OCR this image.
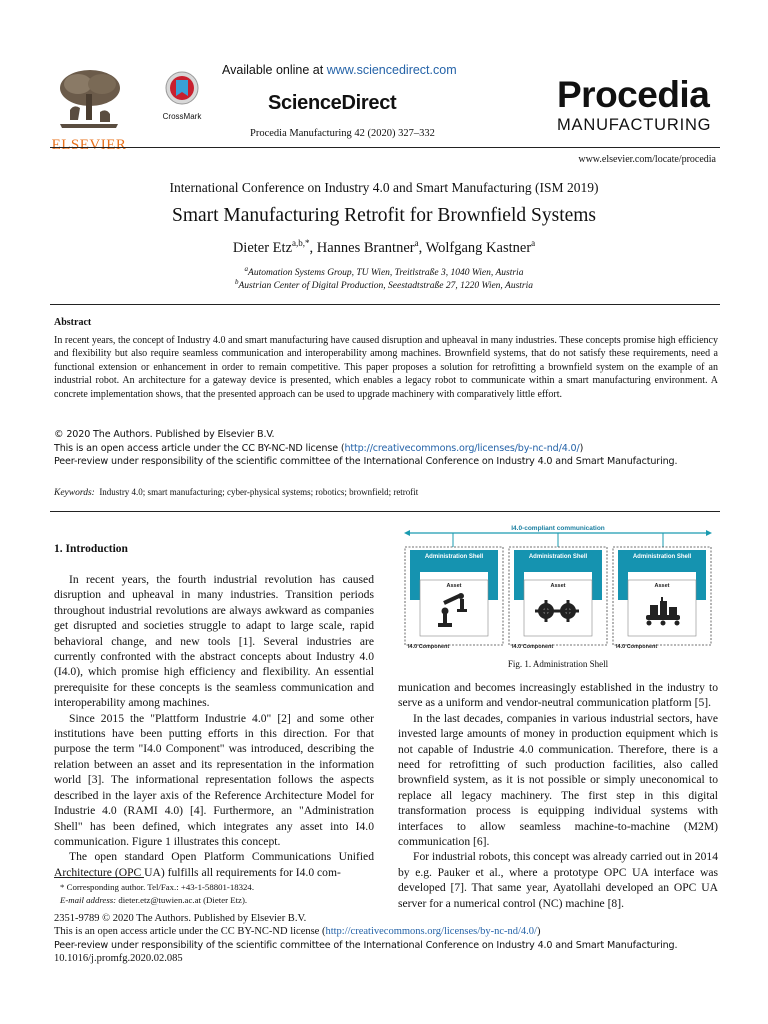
ELSEVIER
CrossMark
Available online at www.sciencedirect.com
ScienceDirect
Procedia Manufacturing 42 (2020) 327–332
Procedia
MANUFACTURING
www.elsevier.com/locate/procedia
International Conference on Industry 4.0 and Smart Manufacturing (ISM 2019)
Smart Manufacturing Retrofit for Brownfield Systems
Dieter Etz$^{a,b,*}$, Hannes Brantner$^a$, Wolfgang Kastner$^a$
$^a$Automation Systems Group, TU Wien, Treitlstraße 3, 1040 Wien, Austria
$^b$Austrian Center of Digital Production, Seestadtstraße 27, 1220 Wien, Austria
Abstract
In recent years, the concept of Industry 4.0 and smart manufacturing have caused disruption and upheaval in many industries. These concepts promise high efficiency and flexibility but also require seamless communication and interoperability among machines. Brownfield systems, that do not satisfy these requirements, need a functional extension or enhancement in order to remain competitive. This paper proposes a solution for retrofitting a brownfield system on the example of an industrial robot. An architecture for a gateway device is presented, which enables a legacy robot to communicate within a smart manufacturing environment. A concrete implementation shows, that the presented approach can be used to upgrade machinery with comparatively little effort.
© 2020 The Authors. Published by Elsevier B.V.
This is an open access article under the CC BY-NC-ND license (http://creativecommons.org/licenses/by-nc-nd/4.0/)
Peer-review under responsibility of the scientific committee of the International Conference on Industry 4.0 and Smart Manufacturing.
Keywords: Industry 4.0; smart manufacturing; cyber-physical systems; robotics; brownfield; retrofit
1. Introduction

In recent years, the fourth industrial revolution has caused disruption and upheaval in many industries. Transition periods throughout industrial revolutions are always awkward as companies get disrupted and societies struggle to adapt to large scale, rapid behavioral change, and new tools [1]. Several industries are currently confronted with the abstract concepts about Industry 4.0 (I4.0), which promise high efficiency and flexibility. An essential prerequisite for these concepts is the seamless communication and interoperability among machines.

Since 2015 the "Plattform Industrie 4.0" [2] and some other institutions have been putting efforts in this direction. For that purpose the term "I4.0 Component" was introduced, describing the relation between an asset and its representation in the information world [3]. The informational representation follows the aspects described in the layer axis of the Reference Architecture Model for Industrie 4.0 (RAMI 4.0) [4]. Furthermore, an "Administration Shell" has been defined, which integrates any asset into I4.0 communication. Figure 1 illustrates this concept.

The open standard Open Platform Communications Unified Architecture (OPC UA) fulfills all requirements for I4.0 com-

* Corresponding author. Tel/Fax.: +43-1-58801-18324.
E-mail address: dieter.etz@tuwien.ac.at (Dieter Etz).
I4.0-compliant communication
Administration Shell
Asset
I4.0 Component
Administration Shell
Asset
I4.0 Component
Administration Shell
Asset
I4.0 Component
Fig. 1. Administration Shell

munication and becomes increasingly established in the industry to serve as a uniform and vendor-neutral communication platform [5].

In the last decades, companies in various industrial sectors, have invested large amounts of money in production equipment which is not capable of Industrie 4.0 communication. Therefore, there is a need for retrofitting of such production facilities, also called brownfield system, as it is not possible or simply uneconomical to replace all legacy machinery. The first step in this digital transformation process is equipping individual systems with interfaces to allow seamless machine-to-machine (M2M) communication [6].

For industrial robots, this concept was already carried out in 2014 by e.g. Pauker et al., where a prototype OPC UA interface was developed [7]. That same year, Ayatollahi developed an OPC UA server for a numerical control (NC) machine [8].

2351-9789 © 2020 The Authors. Published by Elsevier B.V.
This is an open access article under the CC BY-NC-ND license (http://creativecommons.org/licenses/by-nc-nd/4.0/)
Peer-review under responsibility of the scientific committee of the International Conference on Industry 4.0 and Smart Manufacturing.
10.1016/j.promfg.2020.02.085
